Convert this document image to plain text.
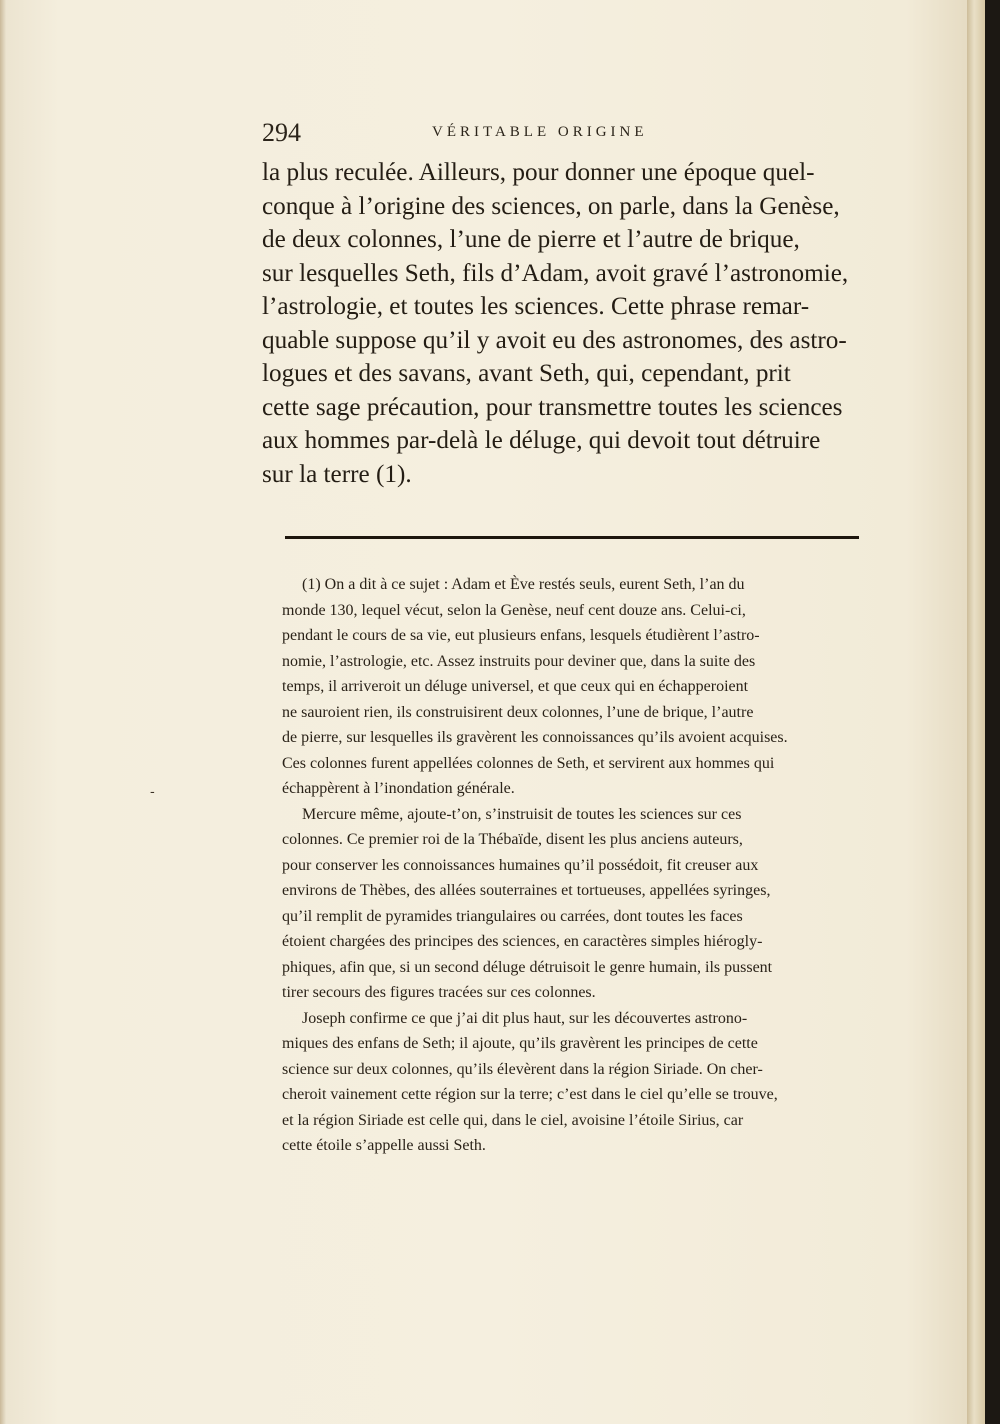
294	VÉRITABLE ORIGINE
la plus reculée. Ailleurs, pour donner une époque quel-
conque à l’origine des sciences, on parle, dans la Genèse,
de deux colonnes, l’une de pierre et l’autre de brique,
sur lesquelles Seth, fils d’Adam, avoit gravé l’astronomie,
l’astrologie, et toutes les sciences. Cette phrase remar-
quable suppose qu’il y avoit eu des astronomes, des astro-
logues et des savans, avant Seth, qui, cependant, prit
cette sage précaution, pour transmettre toutes les sciences
aux hommes par-delà le déluge, qui devoit tout détruire
sur la terre (1).
-
(1) On a dit à ce sujet : Adam et Ève restés seuls, eurent Seth, l’an du
monde 130, lequel vécut, selon la Genèse, neuf cent douze ans. Celui-ci,
pendant le cours de sa vie, eut plusieurs enfans, lesquels étudièrent l’astro-
nomie, l’astrologie, etc. Assez instruits pour deviner que, dans la suite des
temps, il arriveroit un déluge universel, et que ceux qui en échapperoient
ne sauroient rien, ils construisirent deux colonnes, l’une de brique, l’autre
de pierre, sur lesquelles ils gravèrent les connoissances qu’ils avoient acquises.
Ces colonnes furent appellées colonnes de Seth, et servirent aux hommes qui
échappèrent à l’inondation générale.
Mercure même, ajoute-t’on, s’instruisit de toutes les sciences sur ces
colonnes. Ce premier roi de la Thébaïde, disent les plus anciens auteurs,
pour conserver les connoissances humaines qu’il possédoit, fit creuser aux
environs de Thèbes, des allées souterraines et tortueuses, appellées syringes,
qu’il remplit de pyramides triangulaires ou carrées, dont toutes les faces
étoient chargées des principes des sciences, en caractères simples hiérogly-
phiques, afin que, si un second déluge détruisoit le genre humain, ils pussent
tirer secours des figures tracées sur ces colonnes.
Joseph confirme ce que j’ai dit plus haut, sur les découvertes astrono-
miques des enfans de Seth; il ajoute, qu’ils gravèrent les principes de cette
science sur deux colonnes, qu’ils élevèrent dans la région Siriade. On cher-
cheroit vainement cette région sur la terre; c’est dans le ciel qu’elle se trouve,
et la région Siriade est celle qui, dans le ciel, avoisine l’étoile Sirius, car
cette étoile s’appelle aussi Seth.
